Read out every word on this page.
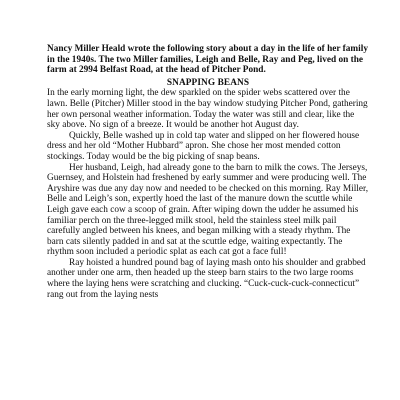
Nancy Miller Heald wrote the following story about a day in the life of her family in the 1940s. The two Miller families, Leigh and Belle, Ray and Peg, lived on the farm at 2994 Belfast Road, at the head of Pitcher Pond.

SNAPPING BEANS

In the early morning light, the dew sparkled on the spider webs scattered over the lawn. Belle (Pitcher) Miller stood in the bay window studying Pitcher Pond, gathering her own personal weather information. Today the water was still and clear, like the sky above. No sign of a breeze. It would be another hot August day.

Quickly, Belle washed up in cold tap water and slipped on her flowered house dress and her old “Mother Hubbard” apron. She chose her most mended cotton stockings. Today would be the big picking of snap beans.

Her husband, Leigh, had already gone to the barn to milk the cows. The Jerseys, Guernsey, and Holstein had freshened by early summer and were producing well. The Aryshire was due any day now and needed to be checked on this morning. Ray Miller, Belle and Leigh’s son, expertly hoed the last of the manure down the scuttle while Leigh gave each cow a scoop of grain. After wiping down the udder he assumed his familiar perch on the three-legged milk stool, held the stainless steel milk pail carefully angled between his knees, and began milking with a steady rhythm. The barn cats silently padded in and sat at the scuttle edge, waiting expectantly. The rhythm soon included a periodic splat as each cat got a face full!

Ray hoisted a hundred pound bag of laying mash onto his shoulder and grabbed another under one arm, then headed up the steep barn stairs to the two large rooms where the laying hens were scratching and clucking. “Cuck-cuck-cuck-connecticut” rang out from the laying nests
